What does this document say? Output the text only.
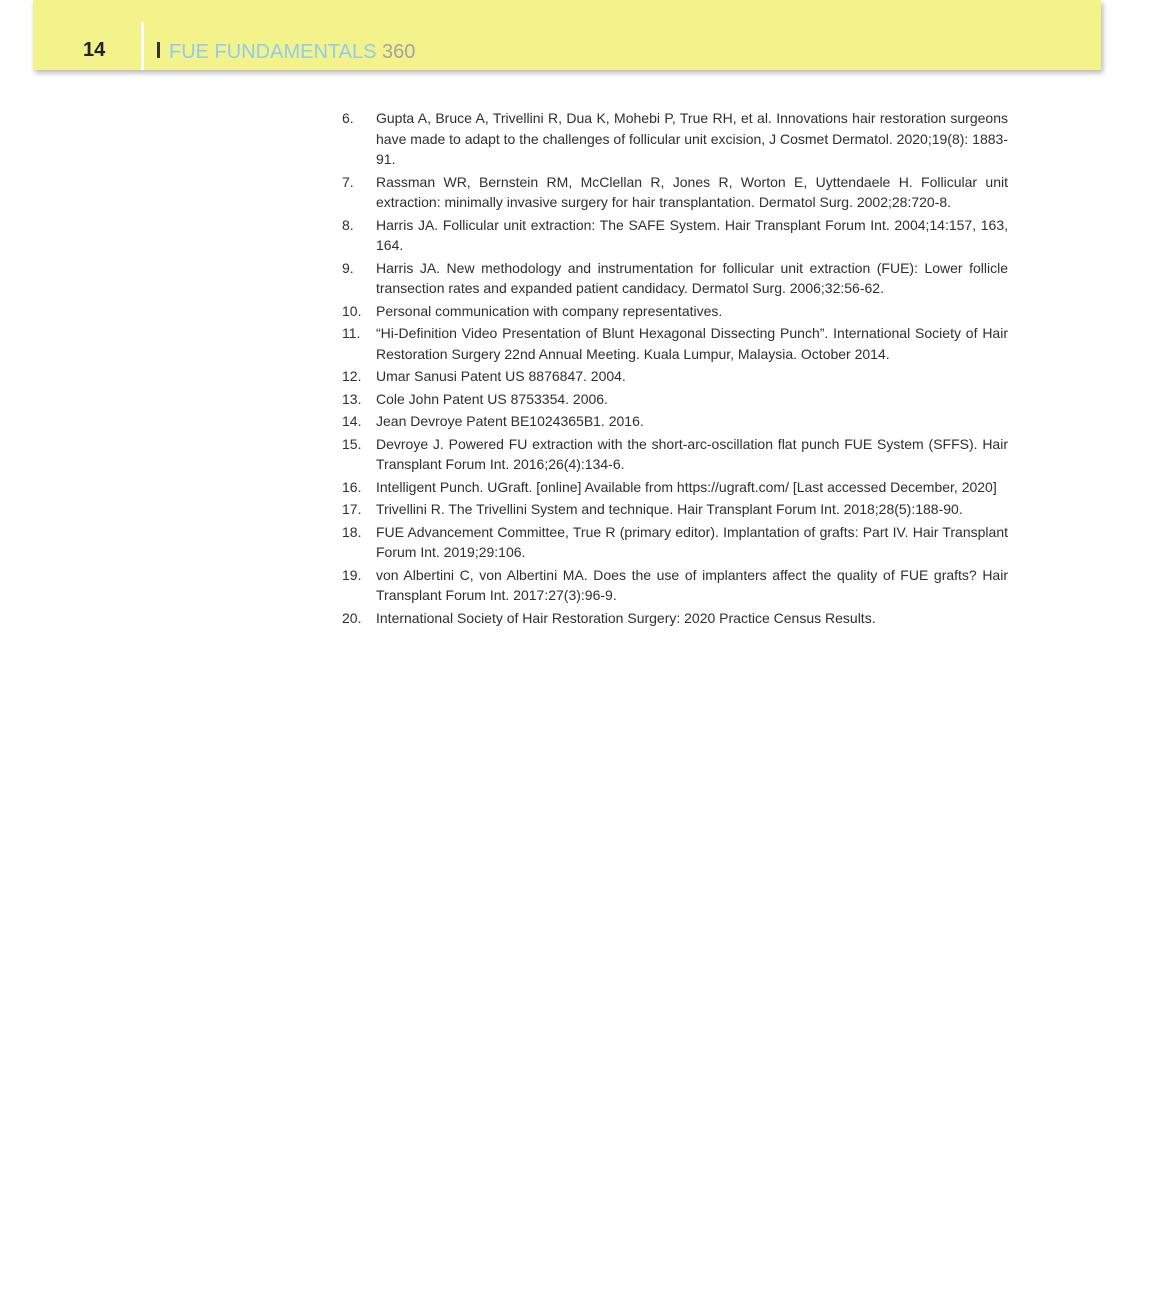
14	FUE FUNDAMENTALS 360
6.	Gupta A, Bruce A, Trivellini R, Dua K, Mohebi P, True RH, et al. Innovations hair restoration surgeons have made to adapt to the challenges of follicular unit excision, J Cosmet Dermatol. 2020;19(8): 1883-91.
7.	Rassman WR, Bernstein RM, McClellan R, Jones R, Worton E, Uyttendaele H. Follicular unit extraction: minimally invasive surgery for hair transplantation. Dermatol Surg. 2002;28:720-8.
8.	Harris JA. Follicular unit extraction: The SAFE System. Hair Transplant Forum Int. 2004;14:157, 163, 164.
9.	Harris JA. New methodology and instrumentation for follicular unit extraction (FUE): Lower follicle transection rates and expanded patient candidacy. Dermatol Surg. 2006;32:56-62.
10.	Personal communication with company representatives.
11.	“Hi-Definition Video Presentation of Blunt Hexagonal Dissecting Punch”. International Society of Hair Restoration Surgery 22nd Annual Meeting. Kuala Lumpur, Malaysia. October 2014.
12.	Umar Sanusi Patent US 8876847. 2004.
13.	Cole John Patent US 8753354. 2006.
14.	Jean Devroye Patent BE1024365B1. 2016.
15.	Devroye J. Powered FU extraction with the short-arc-oscillation flat punch FUE System (SFFS). Hair Transplant Forum Int. 2016;26(4):134-6.
16.	Intelligent Punch. UGraft. [online] Available from https://ugraft.com/ [Last accessed December, 2020]
17.	Trivellini R. The Trivellini System and technique. Hair Transplant Forum Int. 2018;28(5):188-90.
18.	FUE Advancement Committee, True R (primary editor). Implantation of grafts: Part IV. Hair Transplant Forum Int. 2019;29:106.
19.	von Albertini C, von Albertini MA. Does the use of implanters affect the quality of FUE grafts? Hair Transplant Forum Int. 2017:27(3):96-9.
20.	International Society of Hair Restoration Surgery: 2020 Practice Census Results.
